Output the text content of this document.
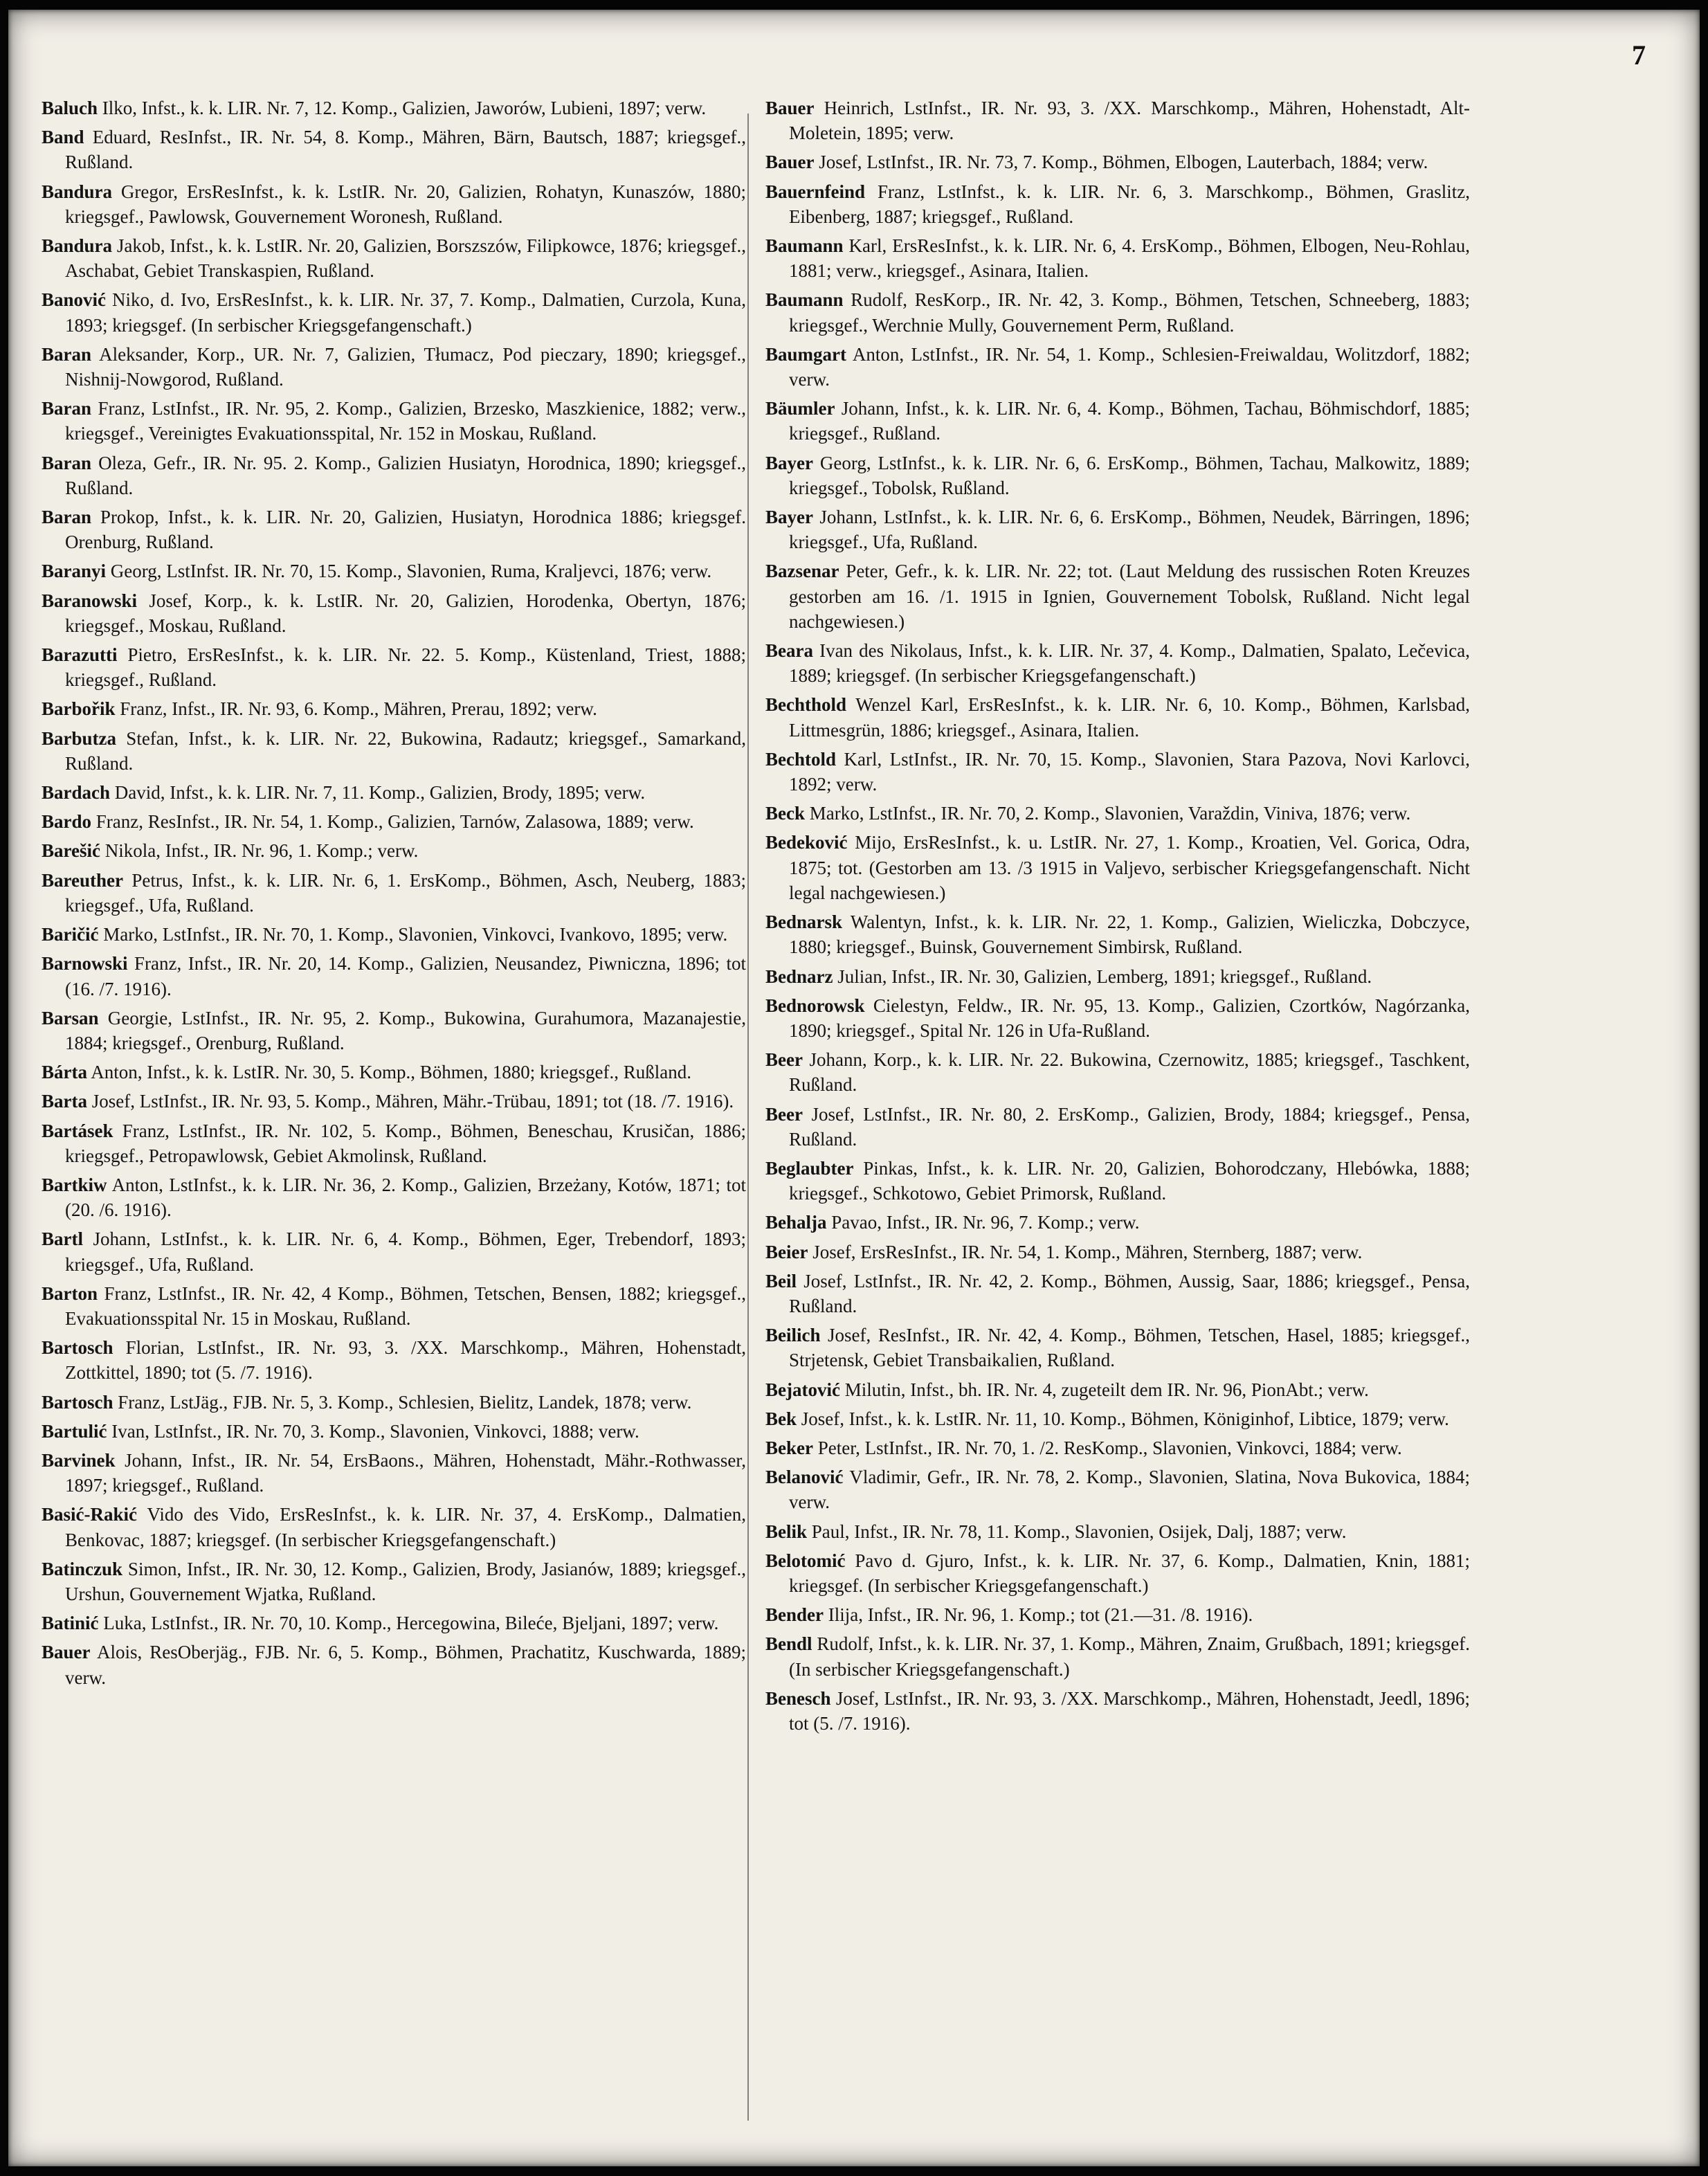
7

Baluch Ilko, Infst., k. k. LIR. Nr. 7, 12. Komp., Galizien, Jaworów, Lubieni, 1897; verw.

Band Eduard, ResInfst., IR. Nr. 54, 8. Komp., Mähren, Bärn, Bautsch, 1887; kriegsgef., Rußland.

Bandura Gregor, ErsResInfst., k. k. LstIR. Nr. 20, Galizien, Rohatyn, Kunaszów, 1880; kriegsgef., Pawlowsk, Gouvernement Woronesh, Rußland.

Bandura Jakob, Infst., k. k. LstIR. Nr. 20, Galizien, Borszszów, Filipkowce, 1876; kriegsgef., Aschabat, Gebiet Transkaspien, Rußland.

Banović Niko, d. Ivo, ErsResInfst., k. k. LIR. Nr. 37, 7. Komp., Dalmatien, Curzola, Kuna, 1893; kriegsgef. (In serbischer Kriegsgefangenschaft.)

Baran Aleksander, Korp., UR. Nr. 7, Galizien, Tłumacz, Pod pieczary, 1890; kriegsgef., Nishnij-Nowgorod, Rußland.

Baran Franz, LstInfst., IR. Nr. 95, 2. Komp., Galizien, Brzesko, Maszkienice, 1882; verw., kriegsgef., Vereinigtes Evakuationsspital, Nr. 152 in Moskau, Rußland.

Baran Oleza, Gefr., IR. Nr. 95. 2. Komp., Galizien Husiatyn, Horodnica, 1890; kriegsgef., Rußland.

Baran Prokop, Infst., k. k. LIR. Nr. 20, Galizien, Husiatyn, Horodnica 1886; kriegsgef. Orenburg, Rußland.

Baranyi Georg, LstInfst. IR. Nr. 70, 15. Komp., Slavonien, Ruma, Kraljevci, 1876; verw.

Baranowski Josef, Korp., k. k. LstIR. Nr. 20, Galizien, Horodenka, Obertyn, 1876; kriegsgef., Moskau, Rußland.

Barazutti Pietro, ErsResInfst., k. k. LIR. Nr. 22. 5. Komp., Küstenland, Triest, 1888; kriegsgef., Rußland.

Barbořik Franz, Infst., IR. Nr. 93, 6. Komp., Mähren, Prerau, 1892; verw.

Barbutza Stefan, Infst., k. k. LIR. Nr. 22, Bukowina, Radautz; kriegsgef., Samarkand, Rußland.

Bardach David, Infst., k. k. LIR. Nr. 7, 11. Komp., Galizien, Brody, 1895; verw.

Bardo Franz, ResInfst., IR. Nr. 54, 1. Komp., Galizien, Tarnów, Zalasowa, 1889; verw.

Barešić Nikola, Infst., IR. Nr. 96, 1. Komp.; verw.

Bareuther Petrus, Infst., k. k. LIR. Nr. 6, 1. ErsKomp., Böhmen, Asch, Neuberg, 1883; kriegsgef., Ufa, Rußland.

Baričić Marko, LstInfst., IR. Nr. 70, 1. Komp., Slavonien, Vinkovci, Ivankovo, 1895; verw.

Barnowski Franz, Infst., IR. Nr. 20, 14. Komp., Galizien, Neusandez, Piwniczna, 1896; tot (16. /7. 1916).

Barsan Georgie, LstInfst., IR. Nr. 95, 2. Komp., Bukowina, Gurahumora, Mazanajestie, 1884; kriegsgef., Orenburg, Rußland.

Bárta Anton, Infst., k. k. LstIR. Nr. 30, 5. Komp., Böhmen, 1880; kriegsgef., Rußland.

Barta Josef, LstInfst., IR. Nr. 93, 5. Komp., Mähren, Mähr.-Trübau, 1891; tot (18. /7. 1916).

Bartásek Franz, LstInfst., IR. Nr. 102, 5. Komp., Böhmen, Beneschau, Krusičan, 1886; kriegsgef., Petropawlowsk, Gebiet Akmolinsk, Rußland.

Bartkiw Anton, LstInfst., k. k. LIR. Nr. 36, 2. Komp., Galizien, Brzeżany, Kotów, 1871; tot (20. /6. 1916).

Bartl Johann, LstInfst., k. k. LIR. Nr. 6, 4. Komp., Böhmen, Eger, Trebendorf, 1893; kriegsgef., Ufa, Rußland.

Barton Franz, LstInfst., IR. Nr. 42, 4 Komp., Böhmen, Tetschen, Bensen, 1882; kriegsgef., Evakuationsspital Nr. 15 in Moskau, Rußland.

Bartosch Florian, LstInfst., IR. Nr. 93, 3. /XX. Marschkomp., Mähren, Hohenstadt, Zottkittel, 1890; tot (5. /7. 1916).

Bartosch Franz, LstJäg., FJB. Nr. 5, 3. Komp., Schlesien, Bielitz, Landek, 1878; verw.

Bartulić Ivan, LstInfst., IR. Nr. 70, 3. Komp., Slavonien, Vinkovci, 1888; verw.

Barvinek Johann, Infst., IR. Nr. 54, ErsBaons., Mähren, Hohenstadt, Mähr.-Rothwasser, 1897; kriegsgef., Rußland.

Basić-Rakić Vido des Vido, ErsResInfst., k. k. LIR. Nr. 37, 4. ErsKomp., Dalmatien, Benkovac, 1887; kriegsgef. (In serbischer Kriegsgefangenschaft.)

Batinczuk Simon, Infst., IR. Nr. 30, 12. Komp., Galizien, Brody, Jasianów, 1889; kriegsgef., Urshun, Gouvernement Wjatka, Rußland.

Batinić Luka, LstInfst., IR. Nr. 70, 10. Komp., Hercegowina, Bileće, Bjeljani, 1897; verw.

Bauer Alois, ResOberjäg., FJB. Nr. 6, 5. Komp., Böhmen, Prachatitz, Kuschwarda, 1889; verw.

Bauer Heinrich, LstInfst., IR. Nr. 93, 3. /XX. Marschkomp., Mähren, Hohenstadt, Alt-Moletein, 1895; verw.

Bauer Josef, LstInfst., IR. Nr. 73, 7. Komp., Böhmen, Elbogen, Lauterbach, 1884; verw.

Bauernfeind Franz, LstInfst., k. k. LIR. Nr. 6, 3. Marschkomp., Böhmen, Graslitz, Eibenberg, 1887; kriegsgef., Rußland.

Baumann Karl, ErsResInfst., k. k. LIR. Nr. 6, 4. ErsKomp., Böhmen, Elbogen, Neu-Rohlau, 1881; verw., kriegsgef., Asinara, Italien.

Baumann Rudolf, ResKorp., IR. Nr. 42, 3. Komp., Böhmen, Tetschen, Schneeberg, 1883; kriegsgef., Werchnie Mully, Gouvernement Perm, Rußland.

Baumgart Anton, LstInfst., IR. Nr. 54, 1. Komp., Schlesien-Freiwaldau, Wolitzdorf, 1882; verw.

Bäumler Johann, Infst., k. k. LIR. Nr. 6, 4. Komp., Böhmen, Tachau, Böhmischdorf, 1885; kriegsgef., Rußland.

Bayer Georg, LstInfst., k. k. LIR. Nr. 6, 6. ErsKomp., Böhmen, Tachau, Malkowitz, 1889; kriegsgef., Tobolsk, Rußland.

Bayer Johann, LstInfst., k. k. LIR. Nr. 6, 6. ErsKomp., Böhmen, Neudek, Bärringen, 1896; kriegsgef., Ufa, Rußland.

Bazsenar Peter, Gefr., k. k. LIR. Nr. 22; tot. (Laut Meldung des russischen Roten Kreuzes gestorben am 16. /1. 1915 in Ignien, Gouvernement Tobolsk, Rußland. Nicht legal nachgewiesen.)

Beara Ivan des Nikolaus, Infst., k. k. LIR. Nr. 37, 4. Komp., Dalmatien, Spalato, Lečevica, 1889; kriegsgef. (In serbischer Kriegsgefangenschaft.)

Bechthold Wenzel Karl, ErsResInfst., k. k. LIR. Nr. 6, 10. Komp., Böhmen, Karlsbad, Littmesgrün, 1886; kriegsgef., Asinara, Italien.

Bechtold Karl, LstInfst., IR. Nr. 70, 15. Komp., Slavonien, Stara Pazova, Novi Karlovci, 1892; verw.

Beck Marko, LstInfst., IR. Nr. 70, 2. Komp., Slavonien, Varaždin, Viniva, 1876; verw.

Bedeković Mijo, ErsResInfst., k. u. LstIR. Nr. 27, 1. Komp., Kroatien, Vel. Gorica, Odra, 1875; tot. (Gestorben am 13. /3 1915 in Valjevo, serbischer Kriegsgefangenschaft. Nicht legal nachgewiesen.)

Bednarsk Walentyn, Infst., k. k. LIR. Nr. 22, 1. Komp., Galizien, Wieliczka, Dobczyce, 1880; kriegsgef., Buinsk, Gouvernement Simbirsk, Rußland.

Bednarz Julian, Infst., IR. Nr. 30, Galizien, Lemberg, 1891; kriegsgef., Rußland.

Bednorowsk Cielestyn, Feldw., IR. Nr. 95, 13. Komp., Galizien, Czortków, Nagórzanka, 1890; kriegsgef., Spital Nr. 126 in Ufa-Rußland.

Beer Johann, Korp., k. k. LIR. Nr. 22. Bukowina, Czernowitz, 1885; kriegsgef., Taschkent, Rußland.

Beer Josef, LstInfst., IR. Nr. 80, 2. ErsKomp., Galizien, Brody, 1884; kriegsgef., Pensa, Rußland.

Beglaubter Pinkas, Infst., k. k. LIR. Nr. 20, Galizien, Bohorodczany, Hlebówka, 1888; kriegsgef., Schkotowo, Gebiet Primorsk, Rußland.

Behalja Pavao, Infst., IR. Nr. 96, 7. Komp.; verw.

Beier Josef, ErsResInfst., IR. Nr. 54, 1. Komp., Mähren, Sternberg, 1887; verw.

Beil Josef, LstInfst., IR. Nr. 42, 2. Komp., Böhmen, Aussig, Saar, 1886; kriegsgef., Pensa, Rußland.

Beilich Josef, ResInfst., IR. Nr. 42, 4. Komp., Böhmen, Tetschen, Hasel, 1885; kriegsgef., Strjetensk, Gebiet Transbaikalien, Rußland.

Bejatović Milutin, Infst., bh. IR. Nr. 4, zugeteilt dem IR. Nr. 96, PionAbt.; verw.

Bek Josef, Infst., k. k. LstIR. Nr. 11, 10. Komp., Böhmen, Königinhof, Libtice, 1879; verw.

Beker Peter, LstInfst., IR. Nr. 70, 1. /2. ResKomp., Slavonien, Vinkovci, 1884; verw.

Belanović Vladimir, Gefr., IR. Nr. 78, 2. Komp., Slavonien, Slatina, Nova Bukovica, 1884; verw.

Belik Paul, Infst., IR. Nr. 78, 11. Komp., Slavonien, Osijek, Dalj, 1887; verw.

Belotomić Pavo d. Gjuro, Infst., k. k. LIR. Nr. 37, 6. Komp., Dalmatien, Knin, 1881; kriegsgef. (In serbischer Kriegsgefangenschaft.)

Bender Ilija, Infst., IR. Nr. 96, 1. Komp.; tot (21.—31. /8. 1916).

Bendl Rudolf, Infst., k. k. LIR. Nr. 37, 1. Komp., Mähren, Znaim, Grußbach, 1891; kriegsgef. (In serbischer Kriegsgefangenschaft.)

Benesch Josef, LstInfst., IR. Nr. 93, 3. /XX. Marschkomp., Mähren, Hohenstadt, Jeedl, 1896; tot (5. /7. 1916).
